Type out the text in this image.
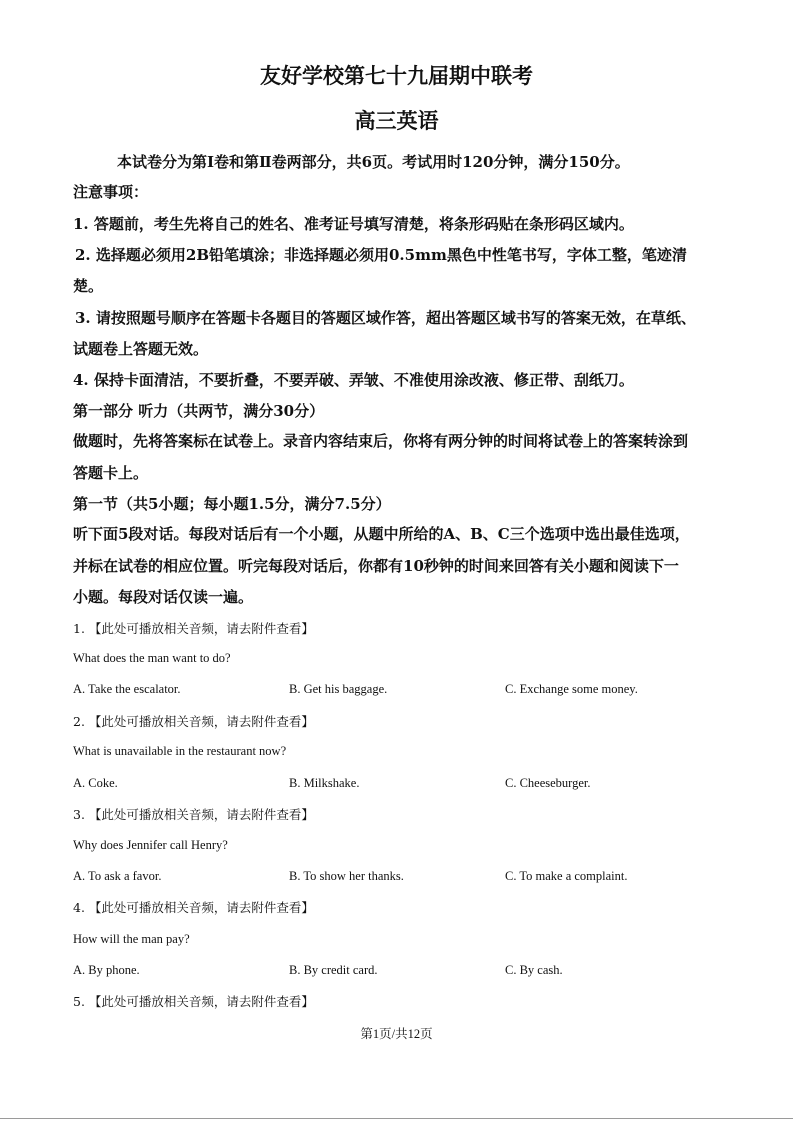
友好学校第七十九届期中联考
高三英语
本试卷分为第Ⅰ卷和第Ⅱ卷两部分，共6页。考试用时120分钟，满分150分。
注意事项：
1. 答题前，考生先将自己的姓名、准考证号填写清楚，将条形码贴在条形码区域内。
2. 选择题必须用2B铅笔填涂；非选择题必须用0.5mm黑色中性笔书写，字体工整，笔迹清
楚。
3. 请按照题号顺序在答题卡各题目的答题区域作答，超出答题区域书写的答案无效，在草纸、
试题卷上答题无效。
4. 保持卡面清洁，不要折叠，不要弄破、弄皱、不准使用涂改液、修正带、刮纸刀。
第一部分 听力（共两节，满分30分）
做题时，先将答案标在试卷上。录音内容结束后，你将有两分钟的时间将试卷上的答案转涂到
答题卡上。
第一节（共5小题；每小题1.5分，满分7.5分）
听下面5段对话。每段对话后有一个小题，从题中所给的A、B、C三个选项中选出最佳选项，
并标在试卷的相应位置。听完每段对话后，你都有10秒钟的时间来回答有关小题和阅读下一
小题。每段对话仅读一遍。
1. 【此处可播放相关音频，请去附件查看】
What does the man want to do?
A. Take the escalator.	B. Get his baggage.	C. Exchange some money.
2. 【此处可播放相关音频，请去附件查看】
What is unavailable in the restaurant now?
A. Coke.	B. Milkshake.	C. Cheeseburger.
3. 【此处可播放相关音频，请去附件查看】
Why does Jennifer call Henry?
A. To ask a favor.	B. To show her thanks.	C. To make a complaint.
4. 【此处可播放相关音频，请去附件查看】
How will the man pay?
A. By phone.	B. By credit card.	C. By cash.
5. 【此处可播放相关音频，请去附件查看】
第1页/共12页
